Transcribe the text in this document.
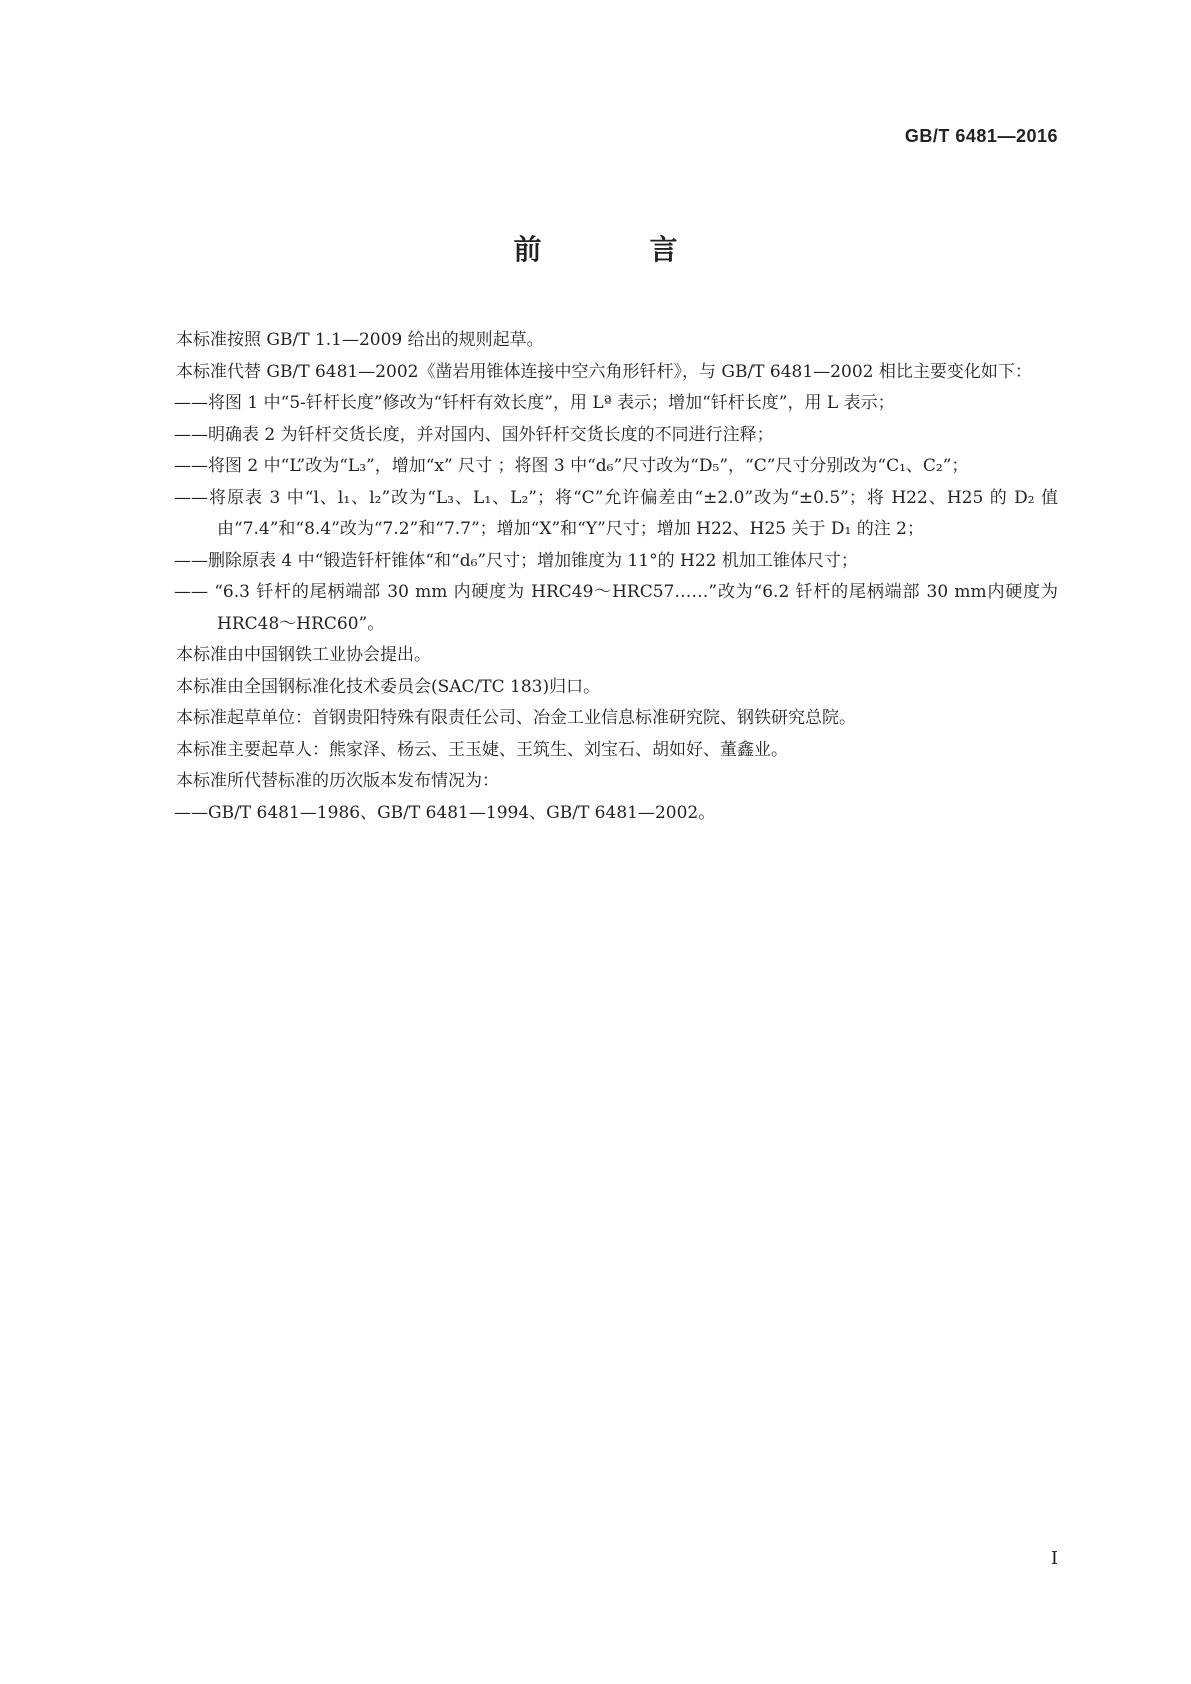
GB/T 6481—2016
前　言
本标准按照 GB/T 1.1—2009 给出的规则起草。
本标准代替 GB/T 6481—2002《凿岩用锥体连接中空六角形钎杆》，与 GB/T 6481—2002 相比主要变化如下：
——将图 1 中“5-钎杆长度”修改为“钎杆有效长度”，用 Lª 表示；增加“钎杆长度”，用 L 表示；
——明确表 2 为钎杆交货长度，并对国内、国外钎杆交货长度的不同进行注释；
——将图 2 中“L”改为“L₃”，增加“x” 尺寸 ；将图 3 中“d₆”尺寸改为“D₅”，“C”尺寸分别改为“C₁、C₂”；
——将原表 3 中“l、l₁、l₂”改为“L₃、L₁、L₂”；将“C”允许偏差由“±2.0”改为“±0.5”；将 H22、H25 的 D₂ 值由“7.4”和“8.4”改为“7.2”和“7.7”；增加“X”和“Y”尺寸；增加 H22、H25 关于 D₁ 的注 2；
——删除原表 4 中“锻造钎杆锥体“和“d₆”尺寸；增加锥度为 11°的 H22 机加工锥体尺寸；
—— “6.3 钎杆的尾柄端部 30 mm 内硬度为 HRC49～HRC57……”改为“6.2 钎杆的尾柄端部 30 mm内硬度为 HRC48～HRC60”。
本标准由中国钢铁工业协会提出。
本标准由全国钢标准化技术委员会(SAC/TC 183)归口。
本标准起草单位：首钢贵阳特殊有限责任公司、冶金工业信息标准研究院、钢铁研究总院。
本标准主要起草人：熊家泽、杨云、王玉婕、王筑生、刘宝石、胡如好、董鑫业。
本标准所代替标准的历次版本发布情况为：
——GB/T 6481—1986、GB/T 6481—1994、GB/T 6481—2002。
I
